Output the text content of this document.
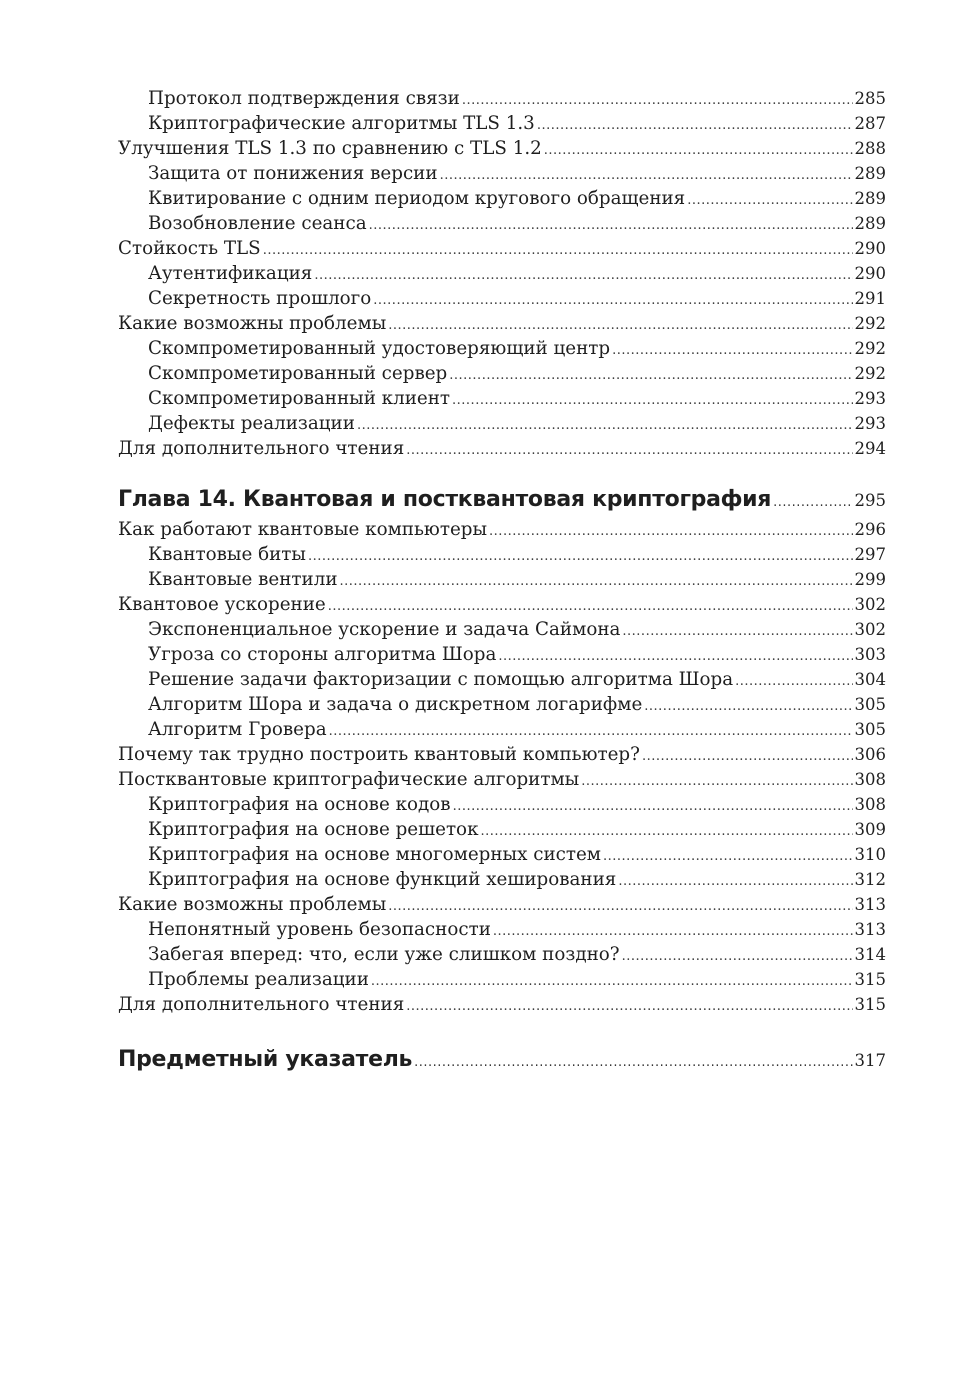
Протокол подтверждения связи .....	285
Криптографические алгоритмы TLS 1.3 .....	287
Улучшения TLS 1.3 по сравнению с TLS 1.2 .....	288
Защита от понижения версии .....	289
Квитирование с одним периодом кругового обращения .....	289
Возобновление сеанса .....	289
Стойкость TLS .....	290
Аутентификация .....	290
Секретность прошлого .....	291
Какие возможны проблемы .....	292
Скомпрометированный удостоверяющий центр .....	292
Скомпрометированный сервер .....	292
Скомпрометированный клиент .....	293
Дефекты реализации .....	293
Для дополнительного чтения .....	294
Глава 14. Квантовая и постквантовая криптография .....	295
Как работают квантовые компьютеры .....	296
Квантовые биты .....	297
Квантовые вентили .....	299
Квантовое ускорение .....	302
Экспоненциальное ускорение и задача Саймона .....	302
Угроза со стороны алгоритма Шора .....	303
Решение задачи факторизации с помощью алгоритма Шора .....	304
Алгоритм Шора и задача о дискретном логарифме .....	305
Алгоритм Гровера .....	305
Почему так трудно построить квантовый компьютер? .....	306
Постквантовые криптографические алгоритмы .....	308
Криптография на основе кодов .....	308
Криптография на основе решеток .....	309
Криптография на основе многомерных систем .....	310
Криптография на основе функций хеширования .....	312
Какие возможны проблемы .....	313
Непонятный уровень безопасности .....	313
Забегая вперед: что, если уже слишком поздно? .....	314
Проблемы реализации .....	315
Для дополнительного чтения .....	315
Предметный указатель .....	317
